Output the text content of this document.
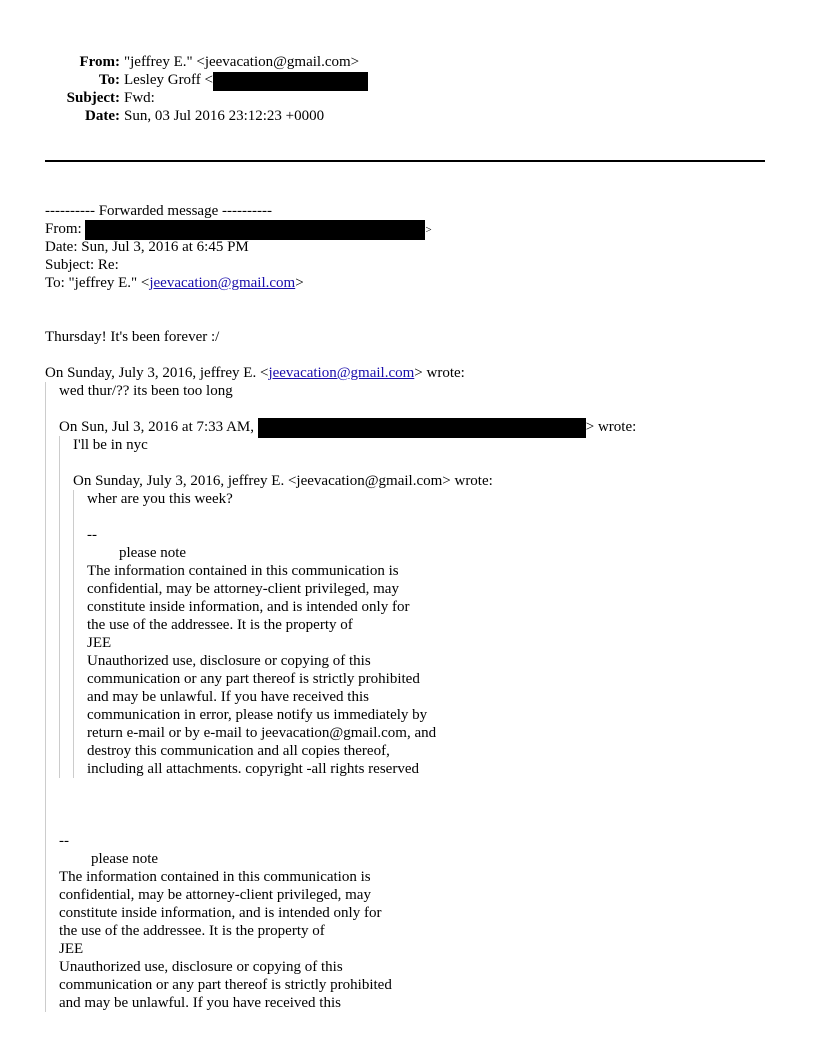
From: "jeffrey E." <jeevacation@gmail.com>
To: Lesley Groff <
Subject: Fwd:
Date: Sun, 03 Jul 2016 23:12:23 +0000
---------- Forwarded message ----------
From:	>
Date: Sun, Jul 3, 2016 at 6:45 PM
Subject: Re:
To: "jeffrey E." <jeevacation@gmail.com>
Thursday! It's been forever :/
On Sunday, July 3, 2016, jeffrey E. <jeevacation@gmail.com> wrote:
wed thur/?? its been too long
On Sun, Jul 3, 2016 at 7:33 AM,	> wrote:
I'll be in nyc
On Sunday, July 3, 2016, jeffrey E. <jeevacation@gmail.com> wrote:
wher are you this week?
--
please note
The information contained in this communication is
confidential, may be attorney-client privileged, may
constitute inside information, and is intended only for
the use of the addressee. It is the property of
JEE
Unauthorized use, disclosure or copying of this
communication or any part thereof is strictly prohibited
and may be unlawful. If you have received this
communication in error, please notify us immediately by
return e-mail or by e-mail to jeevacation@gmail.com, and
destroy this communication and all copies thereof,
including all attachments. copyright -all rights reserved
--
please note
The information contained in this communication is
confidential, may be attorney-client privileged, may
constitute inside information, and is intended only for
the use of the addressee. It is the property of
JEE
Unauthorized use, disclosure or copying of this
communication or any part thereof is strictly prohibited
and may be unlawful. If you have received this
